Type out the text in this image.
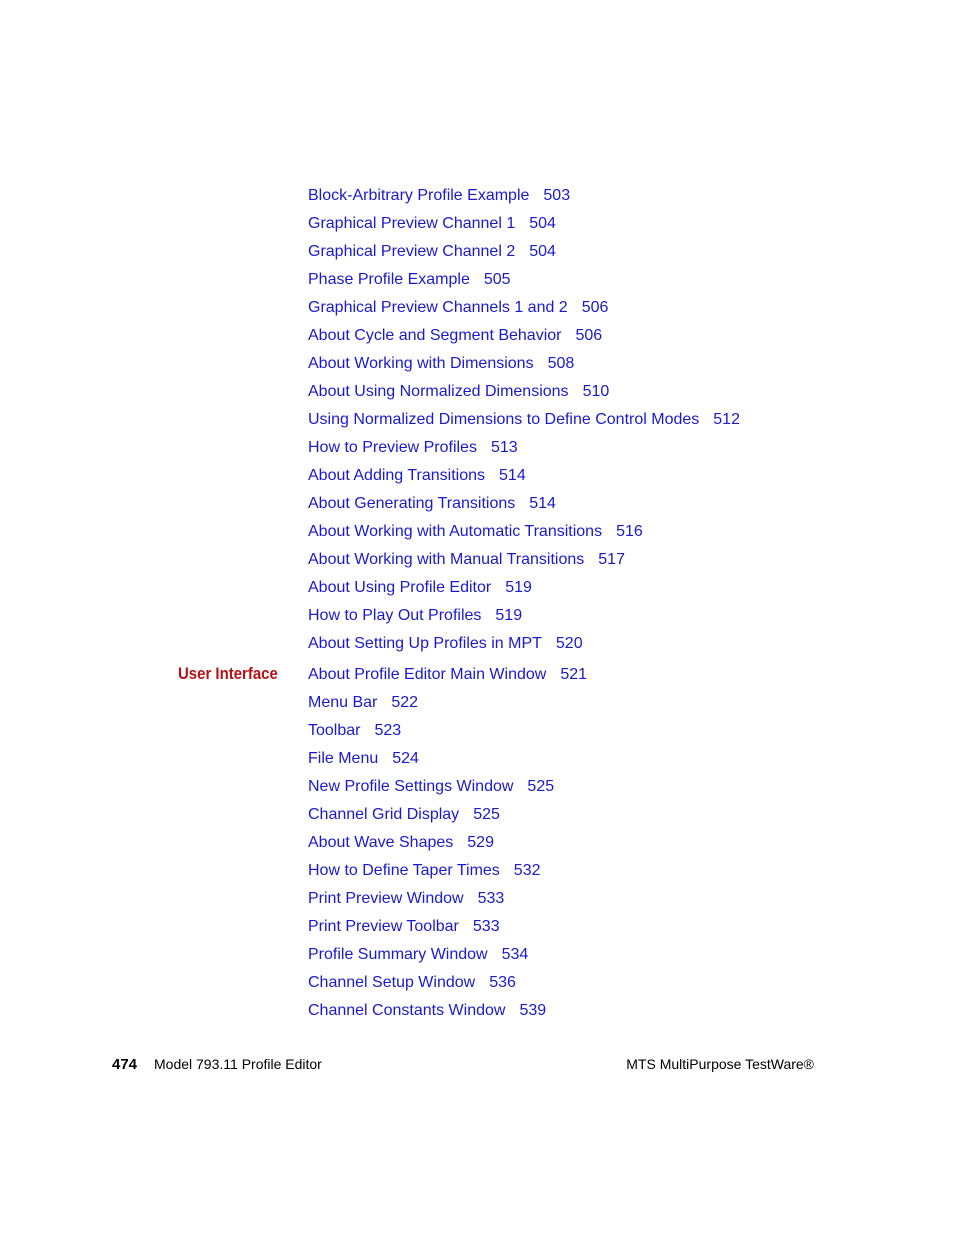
Block-Arbitrary Profile Example 503
Graphical Preview Channel 1 504
Graphical Preview Channel 2 504
Phase Profile Example 505
Graphical Preview Channels 1 and 2 506
About Cycle and Segment Behavior 506
About Working with Dimensions 508
About Using Normalized Dimensions 510
Using Normalized Dimensions to Define Control Modes 512
How to Preview Profiles 513
About Adding Transitions 514
About Generating Transitions 514
About Working with Automatic Transitions 516
About Working with Manual Transitions 517
About Using Profile Editor 519
How to Play Out Profiles 519
About Setting Up Profiles in MPT 520
User Interface About Profile Editor Main Window 521
Menu Bar 522
Toolbar 523
File Menu 524
New Profile Settings Window 525
Channel Grid Display 525
About Wave Shapes 529
How to Define Taper Times 532
Print Preview Window 533
Print Preview Toolbar 533
Profile Summary Window 534
Channel Setup Window 536
Channel Constants Window 539
474 Model 793.11 Profile Editor	MTS MultiPurpose TestWare®
